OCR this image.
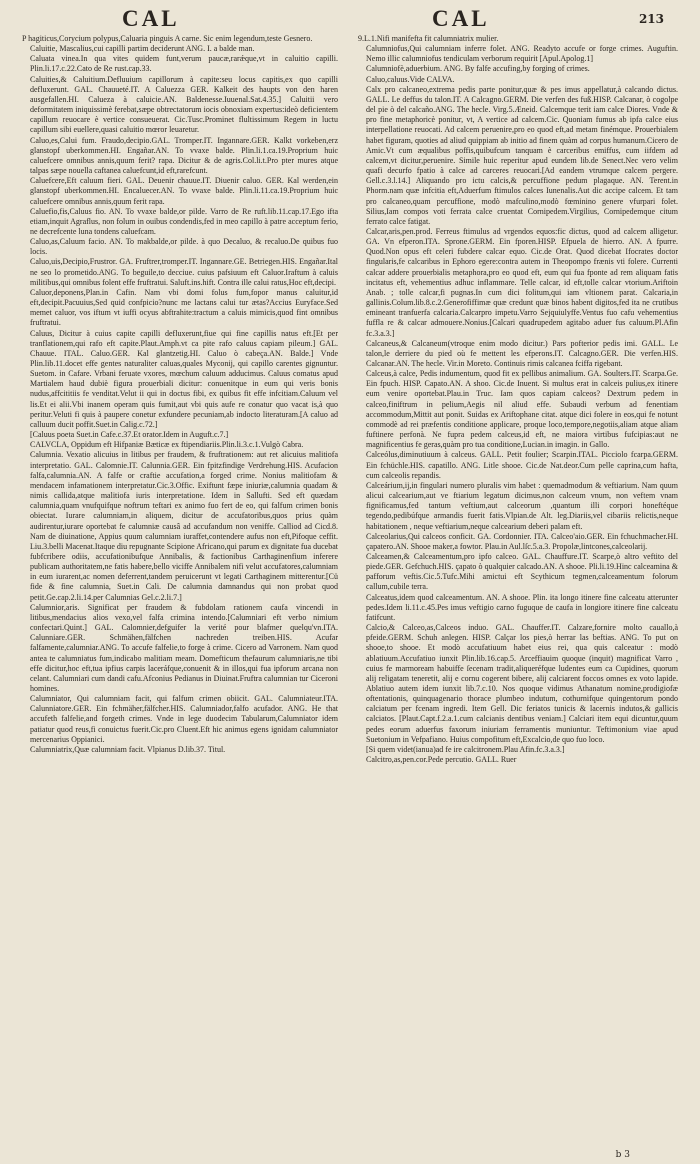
CAL	CAL	213

P hagiticus,Corycium polypus,Caluaria pinguis A carne. Sic enim legendum,teste Gesnero.

Caluitie, Mascalius,cui capilli partim deciderunt ANG. I. a balde man.

Caluata vinea.In qua vites quidem funt,verum paucæ,rarǽque,vt in caluitio capilli. Plin.li.17.c.22.Cato de Re rust.cap.33.

Caluities,& Caluitium.Defluuium capillorum à capite:seu locus capitis,ex quo capilli defluxerunt. GAL. Chauueté.IT. A Caluezza GER. Kalkeit des haupts von den haren ausgefallen.HI. Calueza à caluicie.AN. Baldenesse.Iuuenal.Sat.4.35.] Caluitii vero deformitatem iniquissimè ferebat,sæpe obtrectatorum iocis obnoxiam expertus:ideò deficientem capillum reuocare è vertice consueuerat. Cic.Tusc.Prominet flultissimum Regem in luctu capillum sibi euellere,quasi caluitio mœror leuaretur.

Caluo,es,Calui fum. Fraudo,decipio.GAL. Tromper.IT. Ingannare.GER. Kalkt vorkeben,erz glanstopf uberkommen.HI. Engañar.AN. To vvaxe balde. Plin.li.1.ca.19.Proprium huic caluefcere omnibus annis,quum ferit? rapa. Dicitur & de agris.Col.li.t.Pro pter mures atque talpas sæpe nouella caftanea caluefcunt,id eft,rarefcunt.

Caluefcere,Eft caluum fieri. GAL. Deuenir chauue.IT. Diuenir caluo. GER. Kal werden,ein glanstopf uberkommen.HI. Encaluecer.AN. To vvaxe balde. Plin.li.11.ca.19.Proprium huic caluefcere omnibus annis,quum ferit rapa.

Caluefio,fis,Caluus fio. AN. To vvaxe balde,or pilde. Varro de Re ruft.lib.11.cap.17.Ego ifta etiam,inquit Agraflus, non folum in ouibus condendis,fed in meo capillo à patre acceptum ferio, ne decrefcente luna tondens caluefcam.

Caluo,as,Caluum facio. AN. To makbalde,or pilde. à quo Decaluo, & recaluo.De quibus fuo locis.

Caluo,uis,Decipio,Frustror. GA. Fruftrer,tromper.IT. Ingannare.GE. Betriegen.HIS. Engañar.Ital ne seo lo prometido.ANG. To beguile,to decciue. cuius pafsiuum eft Caluor.Iraftum à caluis militibus,qui omnibus folent effe fruftratui. Saluft.ins.hift. Contra ille calui ratus,Hoc eft,decipi.

Caluor,deponens,Plan.in Cafin. Nam vbi domi folus fum,fopor manus caluitur,id eft,decipit.Pacuuius,Sed quid confpicio?nunc me lactans calui tur ætas?Accius Euryface.Sed memet caluor, vos iftum vt iuffi ocyus abftrahite:tractum a caluis mimicis,quod fint omnibus fruftratui.

Caluus, Dicitur à cuius capite capilli defluxerunt,fiue qui fine capillis natus eft.[Et per tranflationem,qui rafo eft capite.Plaut.Amph.vt ca pite rafo caluus capiam pileum.] GAL. Chauue. ITAL. Caluo.GER. Kal glantzetig.HI. Caluo ò cabeça.AN. Balde.] Vnde Plin.lib.11.docet effe gentes naturaliter caluas,quales Myconij, qui capillo carentes gignuntur. Suetom. in Cafare. Vrbani feruate vxores, mœchum caluum adducimus. Caluus comatus apud Martialem haud dubiè figura prouerbiali dicitur: conuenitque in eum qui veris bonis nudus,affcititiis fe venditat.Velut ii qui in doctus fibi, ex quibus fit effe infcitiam.Caluum vel lis.Et ei alii.Vbi inanem operam quis fumit,aut vbi quis aufe re conatur quo vacat is,à quo peritur.Veluti fi quis à paupere conetur exfundere pecuniam,ab indocto literaturam.[A caluo ad calluum ducit poffit.Suet.in Calig.c.72.]

[Caluus poeta Suet.in Cafe.c.37.Et orator.Idem in Auguft.c.7.]

CALVCLA, Oppidum eft Hifpaniæ Bæticæ ex ftipendiariis.Plin.li.3.c.1.Vulgò Cabra.

Calumnia. Vexatio alicuius in litibus per fraudem, & fruftrationem: aut ret alicuius malitiofa interpretatio. GAL. Calomnie.IT. Calunnia.GER. Ein fpitzfindige Verdrehung.HIS. Acufacion falfa,calumnia.AN. A falfe or craftie accufation,a forged crime. Nonius malitiofam & mendacem infamationem interpretatur.Cic.3.Offic. Exiftunt fæpe iniuriæ,calumnia quadam & nimis callida,atque malitiofa iuris interpretatione. Idem in Sallufti. Sed eft quædam calumnia,quam vnufquifque noftrum teftari ex animo fuo fert de eo, qui falfum crimen bonis obiectat. Iurare calumniam,in aliquem, dicitur de accufatoribus,quos prius quàm audirentur,iurare oportebat fe calumniæ causâ ad accufandum non veniffe. Calliod ad Cicd.8. Nam de diuinatione, Appius quum calumniam iuraffet,contendere aufus non eft,Pifoque ceffit. Liu.3.belli Macenat.Itaque diu repugnante Scipione Africano,qui parum ex dignitate fua ducebat fubfcribere odiis, accufationibufque Annibalis, & factionibus Carthaginenfium inferere publicam authoritatem,ne fatis habere,bello viciffe Annibalem nifi velut accufatores,calumniam in eum iurarent,ac nomen deferrent,tandem peruicerunt vt legati Carthaginem mitterentur.[Cü fide & fine calumnia, Suet.in Cali. De calumnia damnandus qui non probat quod petit.Ge.cap.2.li.14.per Calumnias Gel.c.2.li.7.]

Calumnior,aris. Significat per fraudem & fubdolam rationem caufa vincendi in litibus,mendacius alios vexo,vel falfa crimina intendo.[Calumniari eft verbo nimium confectari.Quint.] GAL. Calomnier,defguifer la verité pour blafmer quelqu'vn.ITA. Calunniare.GER. Schmähen,fälfchen nachreden treiben.HIS. Acufar falfamente,calumniar.ANG. To accufe falfelie,to forge à crime. Cicero ad Varronem. Nam quod antea te calumniatus fum,indicabo malitiam meam. Domefticum thefaurum calumniaris,ne tibi effe dicitur,hoc eft,tua ipfius carpis laceráfque,conuenit & in illos,qui fua ipforum arcana non celant. Calumniari cum dandi cafu.Afconius Pedianus in Diuinat.Fruftra calumnian tur Ciceroni homines.

Calumniator, Qui calumniam facit, qui falfum crimen obiicit. GAL. Calumniateur.ITA. Calunniatore.GER. Ein fchmäher,fälfcher.HIS. Calumniador,falfo acufador. ANG. He that accufeth falfelie,and forgeth crimes. Vnde in lege duodecim Tabularum,Calumniator idem patiatur quod reus,fi conuictus fuerit.Cic.pro Cluent.Eft hic animus egens ignidam calumniator mercenarius Oppianici.

Calumniatrix,Quæ calumniam facit. Vlpianus D.lib.37. Titul.

9.L.1.Nifi manifefta fit calumniatrix mulier.

Calumniofus,Qui calumniam inferre folet. ANG. Readyto accufe or forge crimes. Auguftin. Nemo illic calumniofus tendiculam verborum requirit [Apul.Apolog.1]

Calumniofè,aduerbium. ANG. By falfe accufing,by forging of crimes.

Caluo,caluus.Vide CALVA.

Calx pro calcaneo,extrema pedis parte ponitur,quæ & pes imus appellatur,à calcando dictus. GALL. Le deffus du talon.IT. A Calcagno.GERM. Die verfen des fuß.HISP. Calcanar, ò cogolpe del pie ò del calcaño.ANG. The hecle. Virg.5.Æneid. Calcemque terit iam calce Diores. Vnde & pro fine metaphoricè ponitur, vt, A vertice ad calcem.Cic. Quoniam fumus ab ipfa calce eius interpellatione reuocati. Ad calcem peruenire,pro eo quod eft,ad metam finémque. Prouerbialem habet figuram, quoties ad aliud quippiam ab initio ad finem quàm ad corpus humanum.Cicero de Amic.Vt cum æqualibus poffis,quibufcum tanquam è carceribus emiffus, cum iifdem ad calcem,vt dicitur,peruenire. Simile huic reperitur apud eundem lib.de Senect.Nec vero velim quafi decurfo fpatio à calce ad carceres reuocari.[Ad eandem vtrumque calcem pergere. Gell.c.3.l.14.] Aliquando pro ictu calcis,& percuffione pedum plagaque. AN. Terent.in Phorm.nam quæ infcitia eft,Aduerfum ftimulos calces Iunenalis.Aut dic accipe calcem. Et tam pro calcaneo,quam percuffione, modò mafculino,modò fœminino genere vfurpari folet. Silius,Iam compos voti ferrata calce cruentat Cornipedem.Virgilius, Cornipedemque citum ferrato calce fatigat.

Calcar,aris,pen.prod. Ferreus ftimulus ad vrgendos equos:fic dictus, quod ad calcem alligetur. GA. Vn efperon.ITA. Sprone.GERM. Ein fporen.HISP. Efpuela de hierro. AN. A fpurre. Quod.Non opus eft celeri fubdere calcar equo. Cic.de Orat. Quod dicebat Ifocrates doctor fingularis,fe calcaribus in Ephoro egere:contra autem in Theopompo frænis vti folere. Currenti calcar addere prouerbialis metaphora,pro eo quod eft, eum qui fua fponte ad rem aliquam fatis incitatus eft, vehementius adhuc inflammare. Telle calcar, id eft,tolle calcar vtorium.Ariftoin Anab. ; tolle calcar,fi pugnas.In cum dici folitum,qui iam vltionem parat. Calcaria,in gallinis.Colum.lib.8.c.2.Generofiffimæ quæ credunt quæ binos habent digitos,fed ita ne crutibus emineant tranfuerfa calcaria.Calcarpro impetu.Varro Sejquiulyffe.Ventus fuo cafu vehementius fuffla re & calcar admouere.Nonius.[Calcari quadrupedem agitabo aduer fus caluum.Pl.Afin fc.3.a.3.]

Calcaneus,& Calcaneum(vtroque enim modo dicitur.) Pars pofterior pedis imi. GALL. Le talon,le derriere du pied où fe mettent les efperons.IT. Calcagno.GER. Die verfen.HIS. Calcanar.AN. The hecle. Vir.in Moreto. Continuis rimis calcanea fciffa rigebant.

Calceus,à calce, Pedis indumentum, quod fit ex pellibus animalium. GA. Soulters.IT. Scarpa.Ge. Ein fpuch. HISP. Capato.AN. A shoo. Cic.de Inuent. Si multus erat in calceis pulius,ex itinere eum venire oportebat.Plau.in Truc. Iam quos capiam calceos? Dextrum pedem in calceo,finiftrum in pelium,Aegis nil aliud effe. Subaudi verbum ad fenentiam accommodum,Mittit aut ponit. Suidas ex Ariftophane citat. atque dici folere in eos,qui fe notunt commodè ad rei præfentis conditione applicare, proque loco,tempore,negotiis,aliam atque aliam fuftinere perfonà. Ne fupra pedem calceus,id eft, ne maiora virtibus fufcipias:aut ne magnificentius fe geras,quàm pro tua conditione,Lucian.in imagin. in Gallo.

Calceólus,diminutiuum à calceus. GALL. Petit foulier; Scarpin.ITAL. Picciolo fcarpa.GERM. Ein fchüchle.HIS. capatillo. ANG. Litle shooe. Cic.de Nat.deor.Cum pelle caprina,cum hafta, cum calceolis repandis.

Calceárium,ij,in fingulari numero pluralis vim habet : quemadmodum & veftiarium. Nam quum alicui calcearium,aut ve ftiarium legatum dicimus,non calceum vnum, non veftem vnam fignificamus,fed tantum veftium,aut calceorum ,quantum illi corpori honeftéque tegendo,pedibúfque armandis fuerit fatis.Vlpian.de Alt. leg.Diariis,vel cibariis relictis,neque habitationem , neque veftiarium,neque calcearium deberi palam eft.

Calceolarius,Qui calceos conficit. GA. Cordonnier. ITA. Calceo'aio.GER. Ein fchuchmacher.HI. çapatero.AN. Shooe maker,a fowtor. Plau.in Aul.lſc.5.a.3. Propolæ,lintcones,calceolarij.

Calceamen,& Calceamentum,pro ipfo calceo. GAL. Chauffure.IT. Scarpe,ò altro veftito del piede.GER. Gefchuch.HIS. çapato ò qualquier calcado.AN. A shooe. Pli.li.19.Hinc calceamina & pafforum veftis.Cic.5.Tufc.Mihi amictui eft Scythicum tegmen,calceamentum folorum callum,cubile terra.

Calceatus,idem quod calceamentum. AN. A shooe. Plin. ita longo itinere fine calceatu atterunter pedes.Idem li.11.c.45.Pes imus veftigio carno fuguque de caufa in longiore itinere fine calceatu fatifcunt.

Calcio,& Calceo,as,Calceos induo. GAL. Chauffer.IT. Calzare,fornire molto cauallo,à pfeide.GERM. Schuh anlegen. HISP. Calçar los pies,ò herrar las beftias. ANG. To put on shooe,to shooe. Et modò accufatiuum habet eius rei, qua quis calceatur : modò ablatiuum.Accufatiuo iunxit Plin.lib.16.cap.5. Arceffiauim quoque (inquit) magnificat Varro , cuius fe marmoream habuiffe ſecenam tradit,aliqueréfque ludentes eum ca Cupidines, quorum alij religatam teneretit, alij e cornu cogerent bibere, alij calciarent foccos omnes ex voto lapide. Ablatiuo autem idem iunxit lib.7.c.10. Nos quoque vidimus Athanatum nomine,prodigiofæ oftentationis, quinquagenario thorace plumbeo indutum, cothurnifque quingentorum pondo calciatum per fcenam ingredi. Item Gell. Dic feriatos tunicis & lacernis indutos,& gallicis calciatos. [Plaut.Capt.f.2.a.1.cum calcianis dentibus veniam.] Calciari item equi dicuntur,quum pedes eorum aduerfus faxorum iniuriam ferramentis muniuntur. Teftimonium viae apud Suetonium in Vefpafiano. Huius compofitum eft,Excalcio,de quo fuo loco.

[Si quem videt(ianua)ad fe ire calcitronem.Plau Afin.fc.3.a.3.]

Calcitro,as,pen.cor.Pede percutio. GALL. Ruer

b 3
